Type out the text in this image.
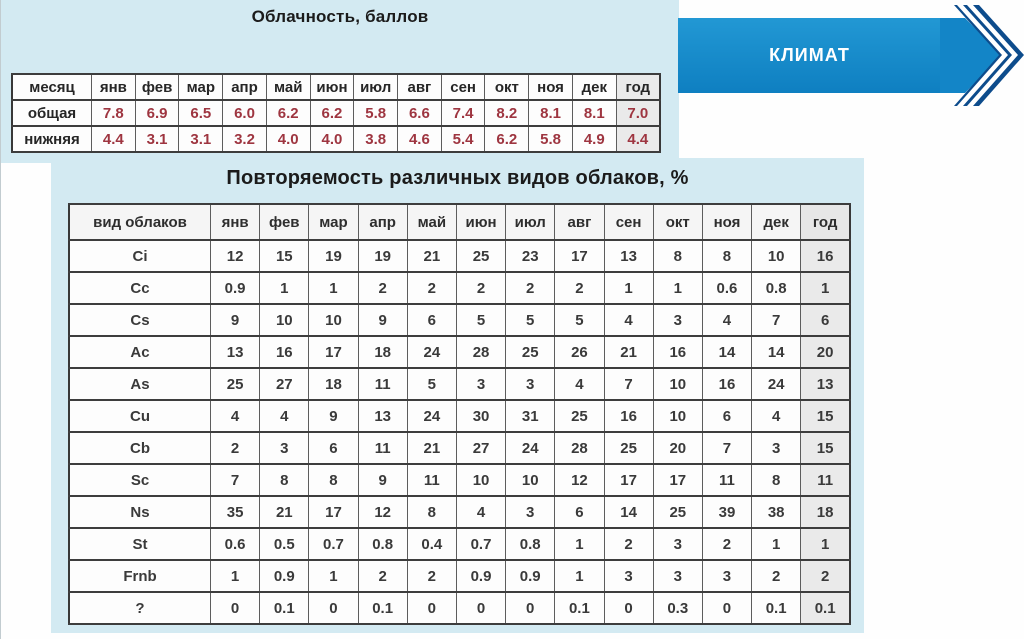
Облачность, баллов
месяц	янв	фев	мар	апр	май	июн	июл	авг	сен	окт	ноя	дек	год
общая	7.8	6.9	6.5	6.0	6.2	6.2	5.8	6.6	7.4	8.2	8.1	8.1	7.0
нижняя	4.4	3.1	3.1	3.2	4.0	4.0	3.8	4.6	5.4	6.2	5.8	4.9	4.4
Повторяемость различных видов облаков, %
вид облаков	янв	фев	мар	апр	май	июн	июл	авг	сен	окт	ноя	дек	год
Ci	12	15	19	19	21	25	23	17	13	8	8	10	16
Cc	0.9	1	1	2	2	2	2	2	1	1	0.6	0.8	1
Cs	9	10	10	9	6	5	5	5	4	3	4	7	6
Ac	13	16	17	18	24	28	25	26	21	16	14	14	20
As	25	27	18	11	5	3	3	4	7	10	16	24	13
Cu	4	4	9	13	24	30	31	25	16	10	6	4	15
Cb	2	3	6	11	21	27	24	28	25	20	7	3	15
Sc	7	8	8	9	11	10	10	12	17	17	11	8	11
Ns	35	21	17	12	8	4	3	6	14	25	39	38	18
St	0.6	0.5	0.7	0.8	0.4	0.7	0.8	1	2	3	2	1	1
Frnb	1	0.9	1	2	2	0.9	0.9	1	3	3	3	2	2
?	0	0.1	0	0.1	0	0	0	0.1	0	0.3	0	0.1	0.1
КЛИМАТ
